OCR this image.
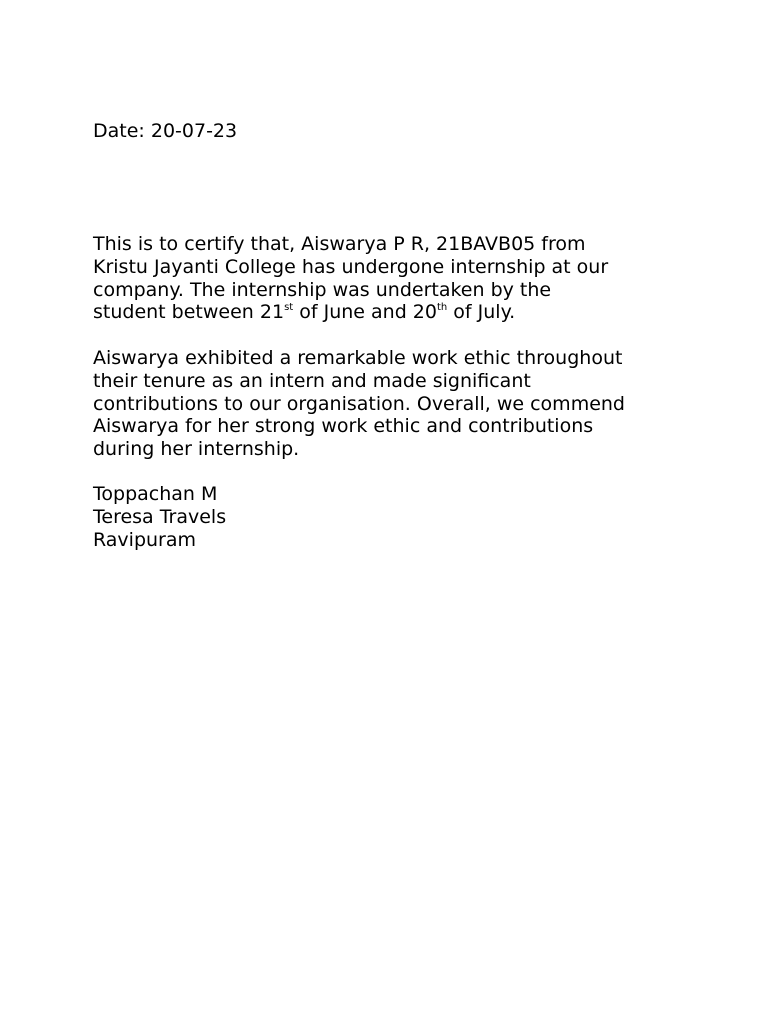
Date: 20-07-23

This is to certify that, Aiswarya P R, 21BAVB05 from

Kristu Jayanti College has undergone internship at our

company. The internship was undertaken by the

student between 21st of June and 20th of July.

Aiswarya exhibited a remarkable work ethic throughout

their tenure as an intern and made significant

contributions to our organisation. Overall, we commend

Aiswarya for her strong work ethic and contributions

during her internship.

Toppachan M

Teresa Travels

Ravipuram
